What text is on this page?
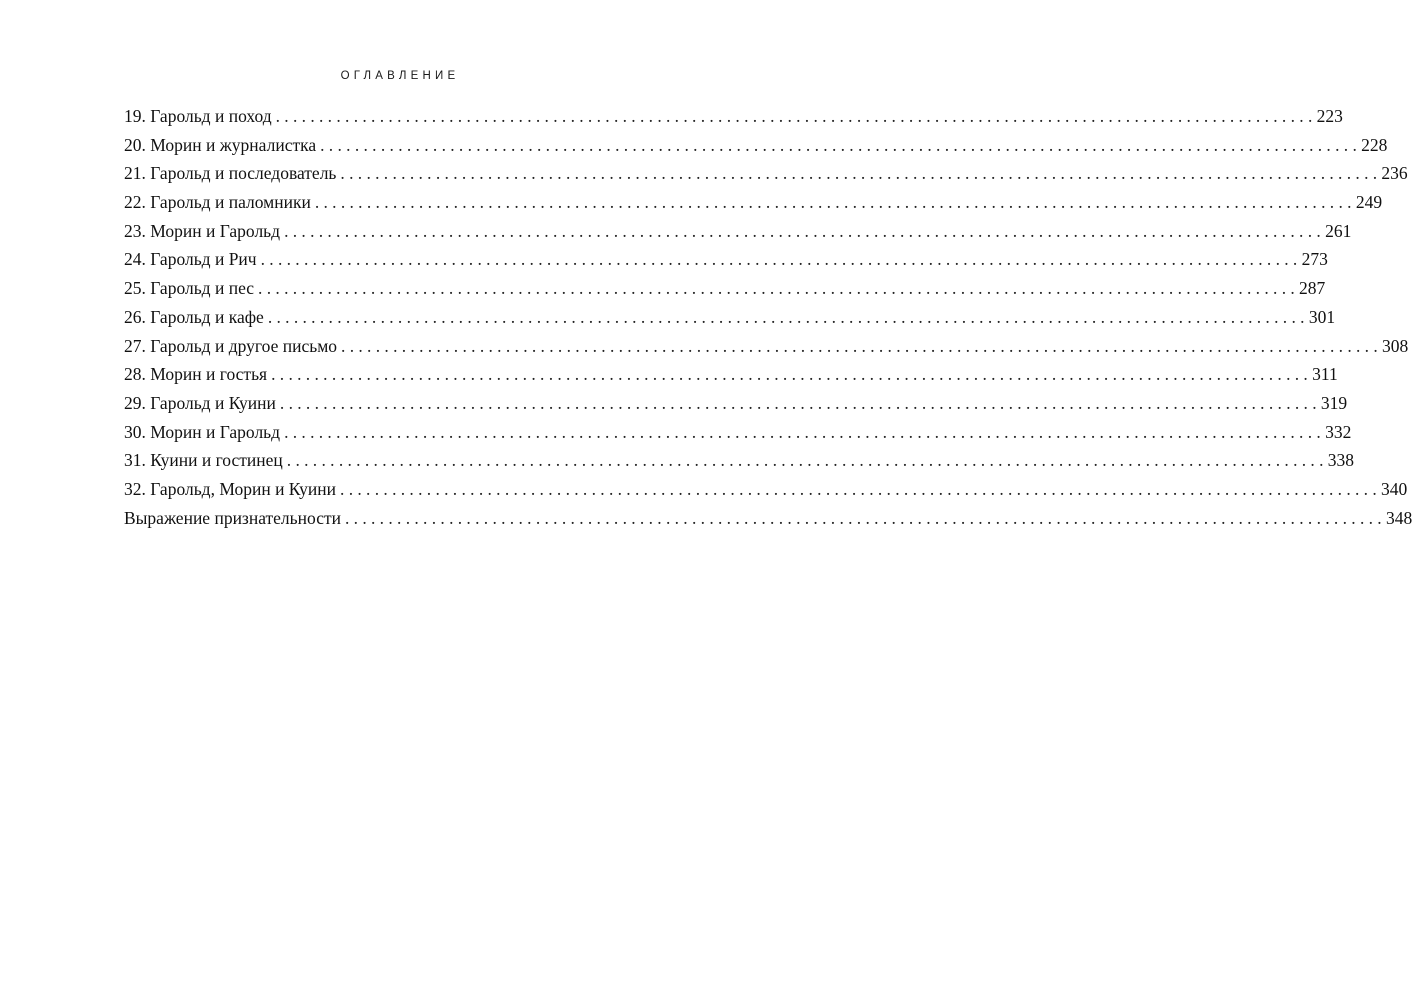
ОГЛАВЛЕНИЕ
19. Гарольд и поход ........................................................................................................................ 223
20. Морин и журналистка ........................................................................................................................ 228
21. Гарольд и последователь ........................................................................................................................ 236
22. Гарольд и паломники ........................................................................................................................ 249
23. Морин и Гарольд ........................................................................................................................ 261
24. Гарольд и Рич ........................................................................................................................ 273
25. Гарольд и пес ........................................................................................................................ 287
26. Гарольд и кафе ........................................................................................................................ 301
27. Гарольд и другое письмо ........................................................................................................................ 308
28. Морин и гостья ........................................................................................................................ 311
29. Гарольд и Куини ........................................................................................................................ 319
30. Морин и Гарольд ........................................................................................................................ 332
31. Куини и гостинец ........................................................................................................................ 338
32. Гарольд, Морин и Куини ........................................................................................................................ 340
Выражение признательности ........................................................................................................................ 348
